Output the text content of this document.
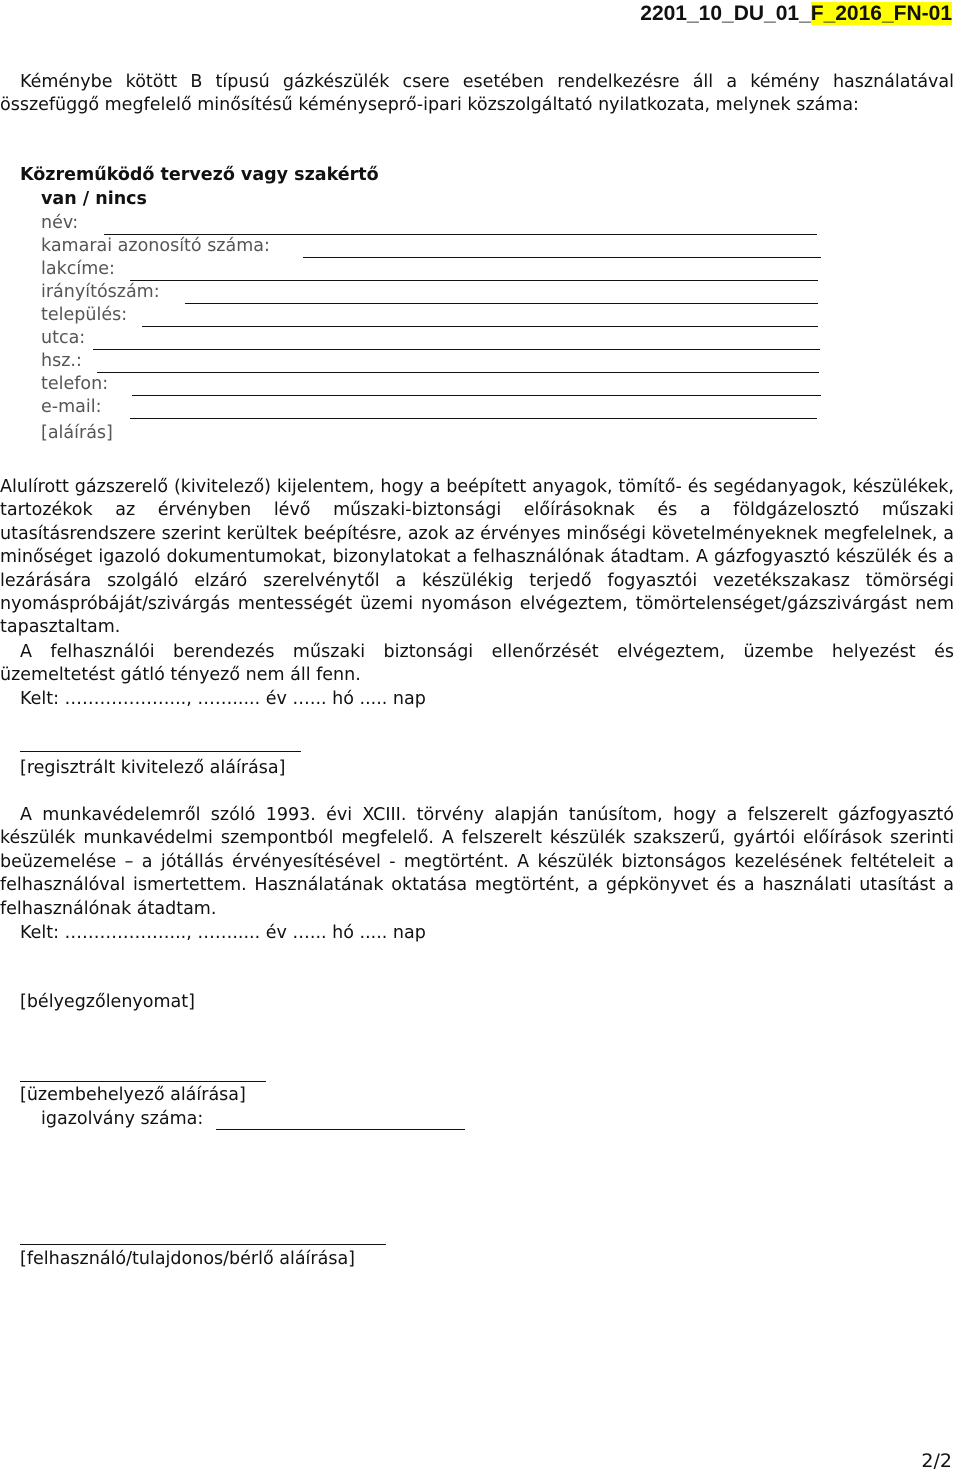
2201_10_DU_01_F_2016_FN-01

Kéménybe kötött B típusú gázkészülék csere esetében rendelkezésre áll a kémény használatával összefüggő megfelelő minősítésű kéményseprő-ipari közszolgáltató nyilatkozata, melynek száma:

Közreműködő tervező vagy szakértő
van / nincs
név:
kamarai azonosító száma:
lakcíme:
irányítószám:
település:
utca:
hsz.:
telefon:
e-mail:
[aláírás]

Alulírott gázszerelő (kivitelező) kijelentem, hogy a beépített anyagok, tömítő- és segédanyagok, készülékek, tartozékok az érvényben lévő műszaki-biztonsági előírásoknak és a földgázelosztó műszaki utasításrendszere szerint kerültek beépítésre, azok az érvényes minőségi követelményeknek megfelelnek, a minőséget igazoló dokumentumokat, bizonylatokat a felhasználónak átadtam. A gázfogyasztó készülék és a lezárására szolgáló elzáró szerelvénytől a készülékig terjedő fogyasztói vezetékszakasz tömörségi nyomáspróbáját/szivárgás mentességét üzemi nyomáson elvégeztem, tömörtelenséget/gázszivárgást nem tapasztaltam.

A felhasználói berendezés műszaki biztonsági ellenőrzését elvégeztem, üzembe helyezést és üzemeltetést gátló tényező nem áll fenn.

Kelt: ………………..., ……..... év …... hó ..... nap
[regisztrált kivitelező aláírása]

A munkavédelemről szóló 1993. évi XCIII. törvény alapján tanúsítom, hogy a felszerelt gázfogyasztó készülék munkavédelmi szempontból megfelelő. A felszerelt készülék szakszerű, gyártói előírások szerinti beüzemelése – a jótállás érvényesítésével - megtörtént. A készülék biztonságos kezelésének feltételeit a felhasználóval ismertettem. Használatának oktatása megtörtént, a gépkönyvet és a használati utasítást a felhasználónak átadtam.

Kelt: ………………..., ……..... év …... hó ..... nap
[bélyegzőlenyomat]
[üzembehelyező aláírása]
igazolvány száma:
[felhasználó/tulajdonos/bérlő aláírása]
2/2
